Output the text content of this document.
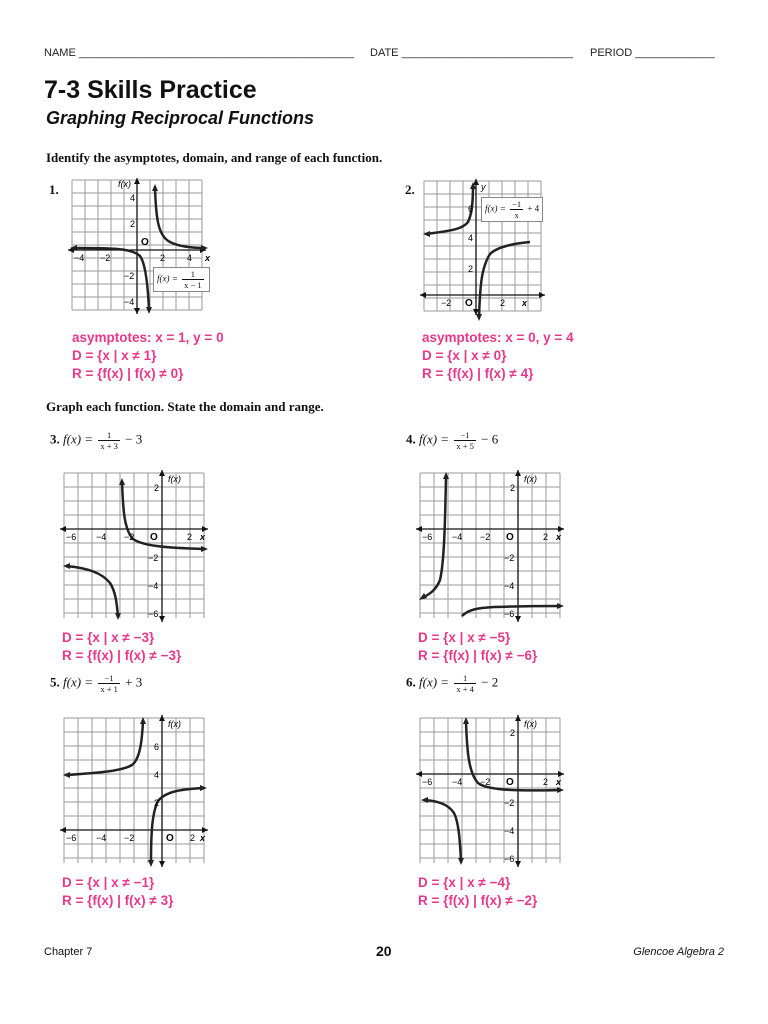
NAME _____________________________________________ DATE ____________________________ PERIOD _____________
7-3 Skills Practice
Graphing Reciprocal Functions
Identify the asymptotes, domain, and range of each function.
Graph each function. State the domain and range.
1.	f(x)
x
O
2 4
−2
−4
2
4
−2
−4
$f(x) = \frac{1}{x - 1}$
asymptotes: x = 1, y = 0
D = {x | x ≠ 1}
R = {f(x) | f(x) ≠ 0}
2.	y
x
O	2
−2
2
4
6	$f(x) = \frac{-1}{x} + 4$
asymptotes: x = 0, y = 4
D = {x | x ≠ 0}
R = {f(x) | f(x) ≠ 4}
3. $f(x) = \frac{1}{x + 3} - 3$
f(x)
x
O	2
−2
−4
−6
2
−2
−4
−6
D = {x | x ≠ −3}
R = {f(x) | f(x) ≠ −3}
4. $f(x) = \frac{-1}{x + 5} - 6$
f(x)
x
O	2
−2
−4
−6
2
−2
−4
−6
D = {x | x ≠ −5}
R = {f(x) | f(x) ≠ −6}
5. $f(x) = \frac{-1}{x + 1} + 3$
f(x)
x
O 2
−2
−4
−6
2
4
6
D = {x | x ≠ −1}
R = {f(x) | f(x) ≠ 3}
6. $f(x) = \frac{1}{x + 4} - 2$
f(x)
x
O	2
−2
−4
−6
2
−2
−4
−6
D = {x | x ≠ −4}
R = {f(x) | f(x) ≠ −2}
Chapter 7	20	Glencoe Algebra 2
